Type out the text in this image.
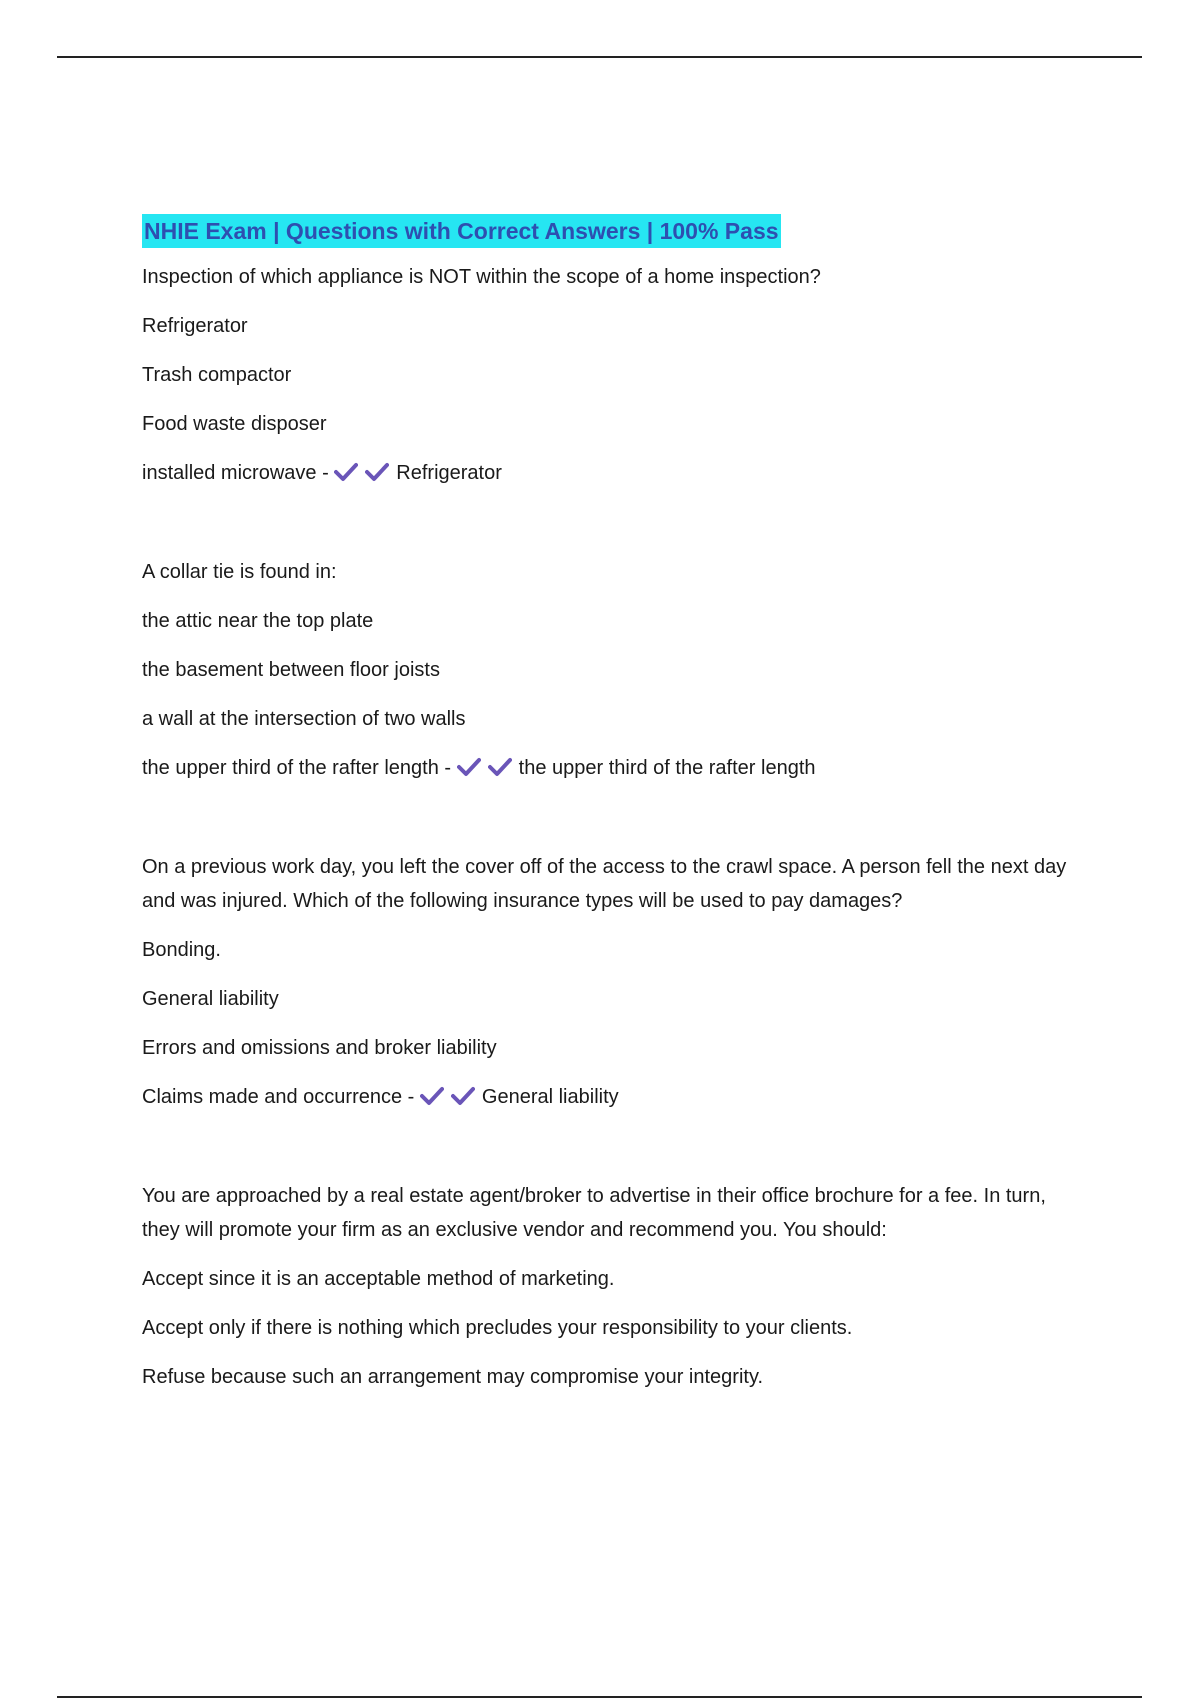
NHIE Exam | Questions with Correct Answers | 100% Pass
Inspection of which appliance is NOT within the scope of a home inspection?
Refrigerator
Trash compactor
Food waste disposer
installed microwave -	Refrigerator
A collar tie is found in:
the attic near the top plate
the basement between floor joists
a wall at the intersection of two walls
the upper third of the rafter length -	the upper third of the rafter length
On a previous work day, you left the cover off of the access to the crawl space. A person fell the next day and was injured. Which of the following insurance types will be used to pay damages?
Bonding.
General liability
Errors and omissions and broker liability
Claims made and occurrence -	General liability
You are approached by a real estate agent/broker to advertise in their office brochure for a fee. In turn, they will promote your firm as an exclusive vendor and recommend you. You should:
Accept since it is an acceptable method of marketing.
Accept only if there is nothing which precludes your responsibility to your clients.
Refuse because such an arrangement may compromise your integrity.
